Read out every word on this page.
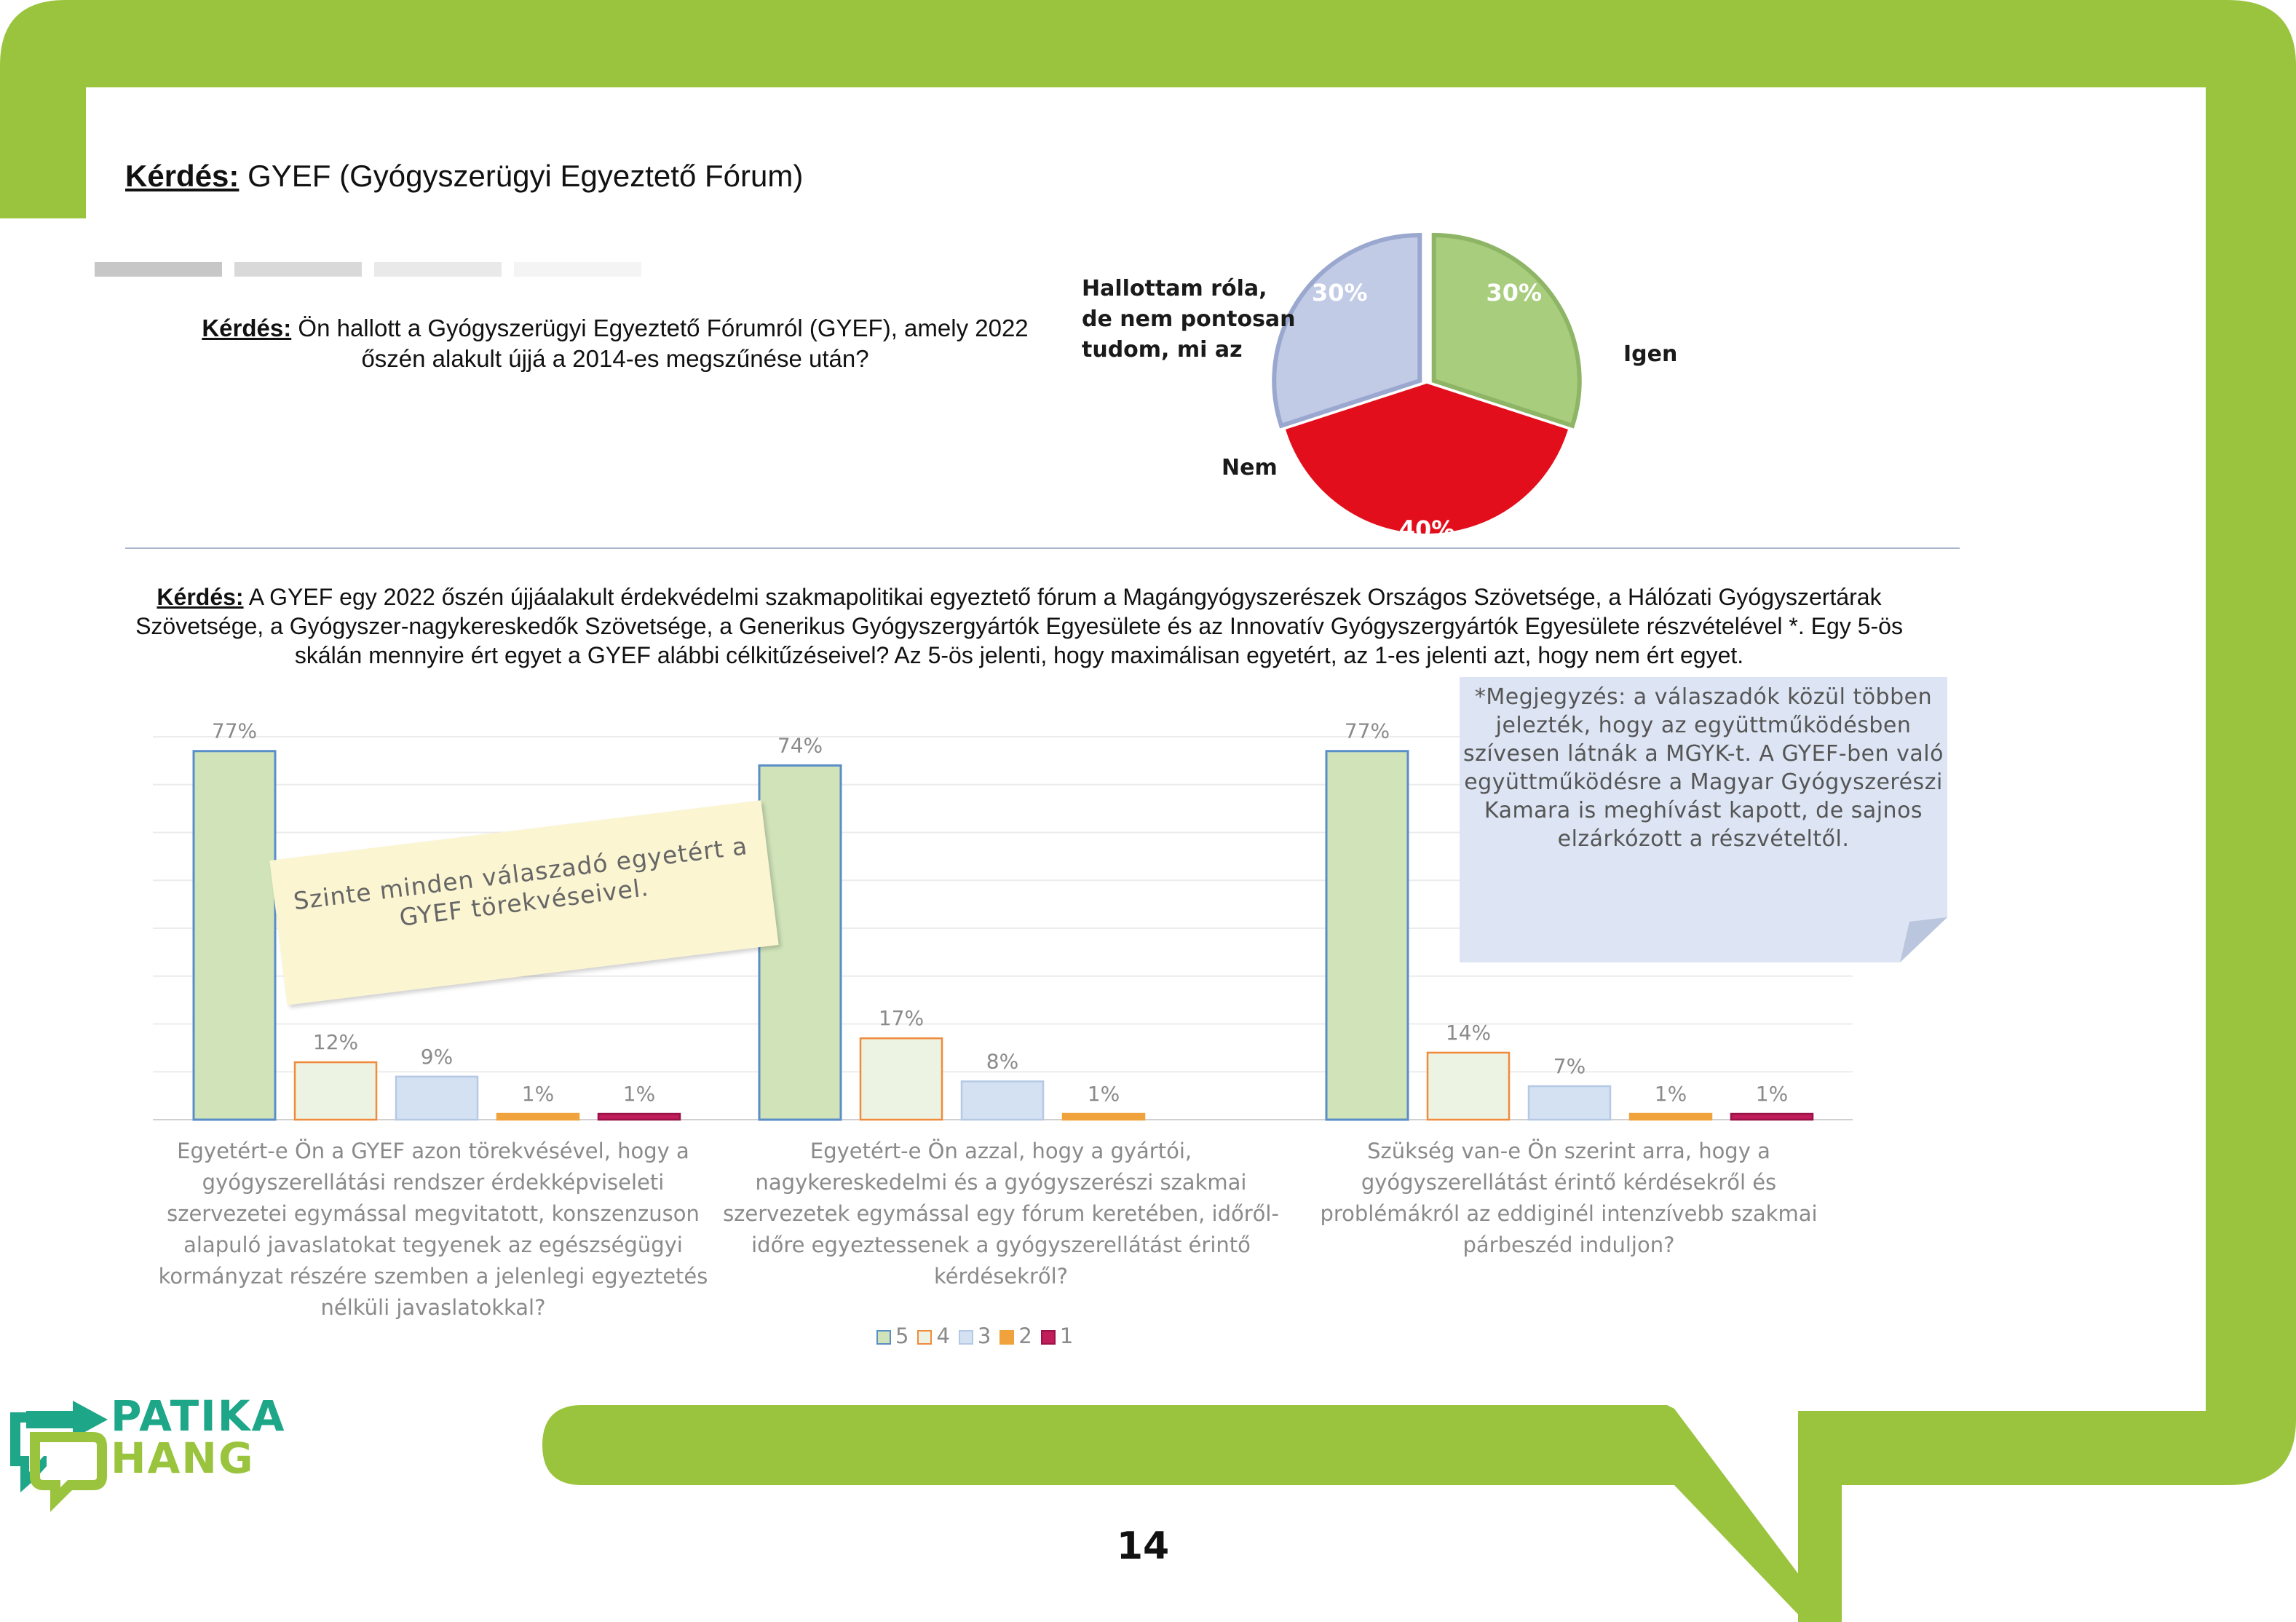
Kérdés: GYEF (Gyógyszerügyi Egyeztető Fórum)
Kérdés: Ön hallott a Gyógyszerügyi Egyeztető Fórumról (GYEF), amely 2022 őszén alakult újjá a 2014-es megszűnése után?
30%
40%
30%
Hallottam róla, de nem pontosan tudom, mi az	Igen
Nem
Kérdés: A GYEF egy 2022 őszén újjáalakult érdekvédelmi szakmapolitikai egyeztető fórum a Magángyógyszerészek Országos Szövetsége, a Hálózati Gyógyszertárak Szövetsége, a Gyógyszer-nagykereskedők Szövetsége, a Generikus Gyógyszergyártók Egyesülete és az Innovatív Gyógyszergyártók Egyesülete részvételével *. Egy 5-ös skálán mennyire ért egyet a GYEF alábbi célkitűzéseivel? Az 5-ös jelenti, hogy maximálisan egyetért, az 1-es jelenti azt, hogy nem ért egyet.
77%
12%
9%
1%	1%
74%
17%
8%
1%
77%
14%
7%
1%	1%
*Megjegyzés: a válaszadók közül többen jelezték, hogy az együttműködésben szívesen látnák a MGYK-t. A GYEF-ben való együttműködésre a Magyar Gyógyszerészi Kamara is meghívást kapott, de sajnos elzárkózott a részvételtől.
Szinte minden válaszadó egyetért a GYEF törekvéseivel.
Egyetért-e Ön a GYEF azon törekvésével, hogy a gyógyszerellátási rendszer érdekképviseleti szervezetei egymással megvitatott, konszenzuson alapuló javaslatokat tegyenek az egészségügyi kormányzat részére szemben a jelenlegi egyeztetés nélküli javaslatokkal?
Egyetért-e Ön azzal, hogy a gyártói, nagykereskedelmi és a gyógyszerészi szakmai szervezetek egymással egy fórum keretében, időről-időre egyeztessenek a gyógyszerellátást érintő kérdésekről?
Szükség van-e Ön szerint arra, hogy a gyógyszerellátást érintő kérdésekről és problémákról az eddiginél intenzívebb szakmai párbeszéd induljon?
5 4 3 2 1
PATIKA
HANG
14
